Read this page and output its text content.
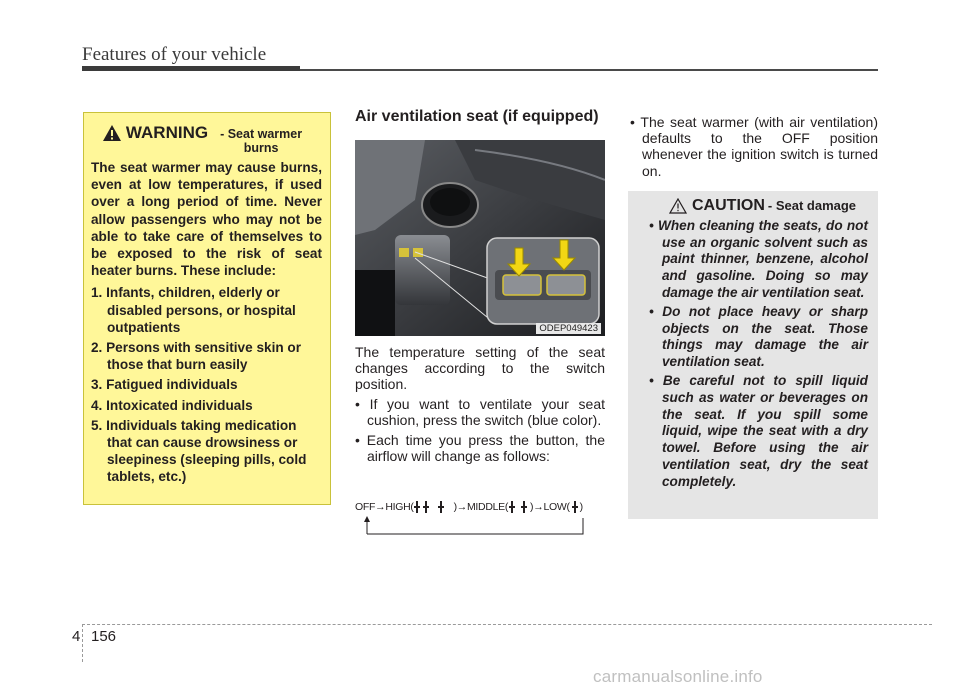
Features of your vehicle
WARNING - Seat warmer burns
The seat warmer may cause burns, even at low temperatures, if used over a long period of time. Never allow passengers who may not be able to take care of themselves to be exposed to the risk of seat heater burns. These include:
1. Infants, children, elderly or disabled persons, or hospital outpatients
2. Persons with sensitive skin or those that burn easily
3. Fatigued individuals
4. Intoxicated individuals
5. Individuals taking medication that can cause drowsiness or sleepiness (sleeping pills, cold tablets, etc.)
Air ventilation seat (if equipped)
ODEP049423

The temperature setting of the seat changes according to the switch position.

• If you want to ventilate your seat cushion, press the switch (blue color).
• Each time you press the button, the airflow will change as follows:
OFF → HIGH(	) → MIDDLE( ) → LOW( )
• The seat warmer (with air ventilation) defaults to the OFF position whenever the ignition switch is turned on.
CAUTION - Seat damage
• When cleaning the seats, do not use an organic solvent such as paint thinner, benzene, alcohol and gasoline. Doing so may damage the air ventilation seat.
• Do not place heavy or sharp objects on the seat. Those things may damage the air ventilation seat.
• Be careful not to spill liquid such as water or beverages on the seat. If you spill some liquid, wipe the seat with a dry towel. Before using the air ventilation seat, dry the seat completely.
4 156
carmanualsonline.info
